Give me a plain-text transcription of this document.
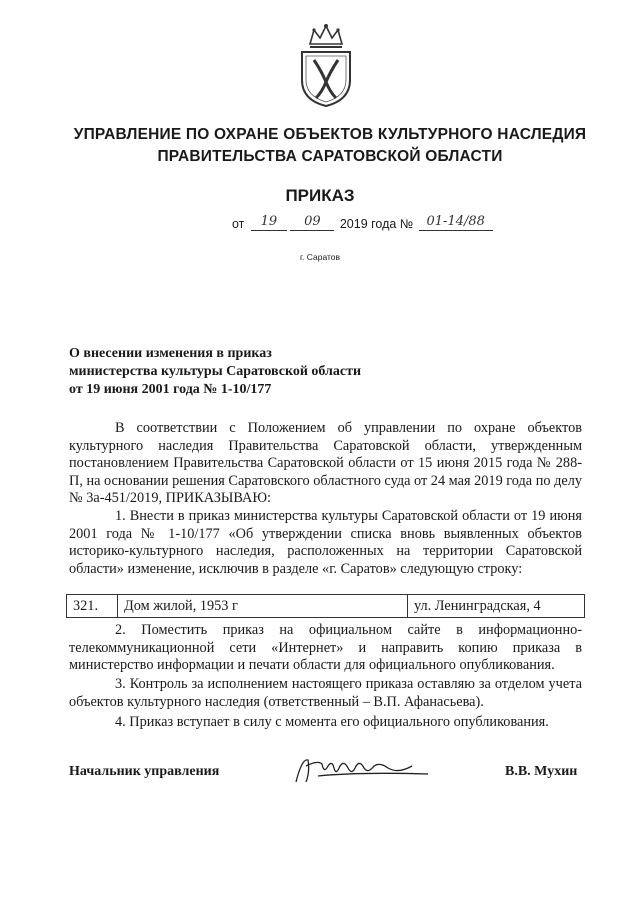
УПРАВЛЕНИЕ ПО ОХРАНЕ ОБЪЕКТОВ КУЛЬТУРНОГО НАСЛЕДИЯ
ПРАВИТЕЛЬСТВА САРАТОВСКОЙ ОБЛАСТИ
ПРИКАЗ
от 19 09 2019 года № 01-14/88
г. Саратов
О внесении изменения в приказ
министерства культуры Саратовской области
от 19 июня 2001 года № 1-10/177
В соответствии с Положением об управлении по охране объектов культурного наследия Правительства Саратовской области, утвержденным постановлением Правительства Саратовской области от 15 июня 2015 года № 288-П, на основании решения Саратовского областного суда от 24 мая 2019 года по делу № 3а-451/2019, ПРИКАЗЫВАЮ:
1. Внести в приказ министерства культуры Саратовской области от 19 июня 2001 года № 1-10/177 «Об утверждении списка вновь выявленных объектов историко-культурного наследия, расположенных на территории Саратовской области» изменение, исключив в разделе «г. Саратов» следующую строку:
321.	Дом жилой, 1953 г	ул. Ленинградская, 4
2. Поместить приказ на официальном сайте в информационно-телекоммуникационной сети «Интернет» и направить копию приказа в министерство информации и печати области для официального опубликования.
3. Контроль за исполнением настоящего приказа оставляю за отделом учета объектов культурного наследия (ответственный – В.П. Афанасьева).
4. Приказ вступает в силу с момента его официального опубликования.
Начальник управления	В.В. Мухин
